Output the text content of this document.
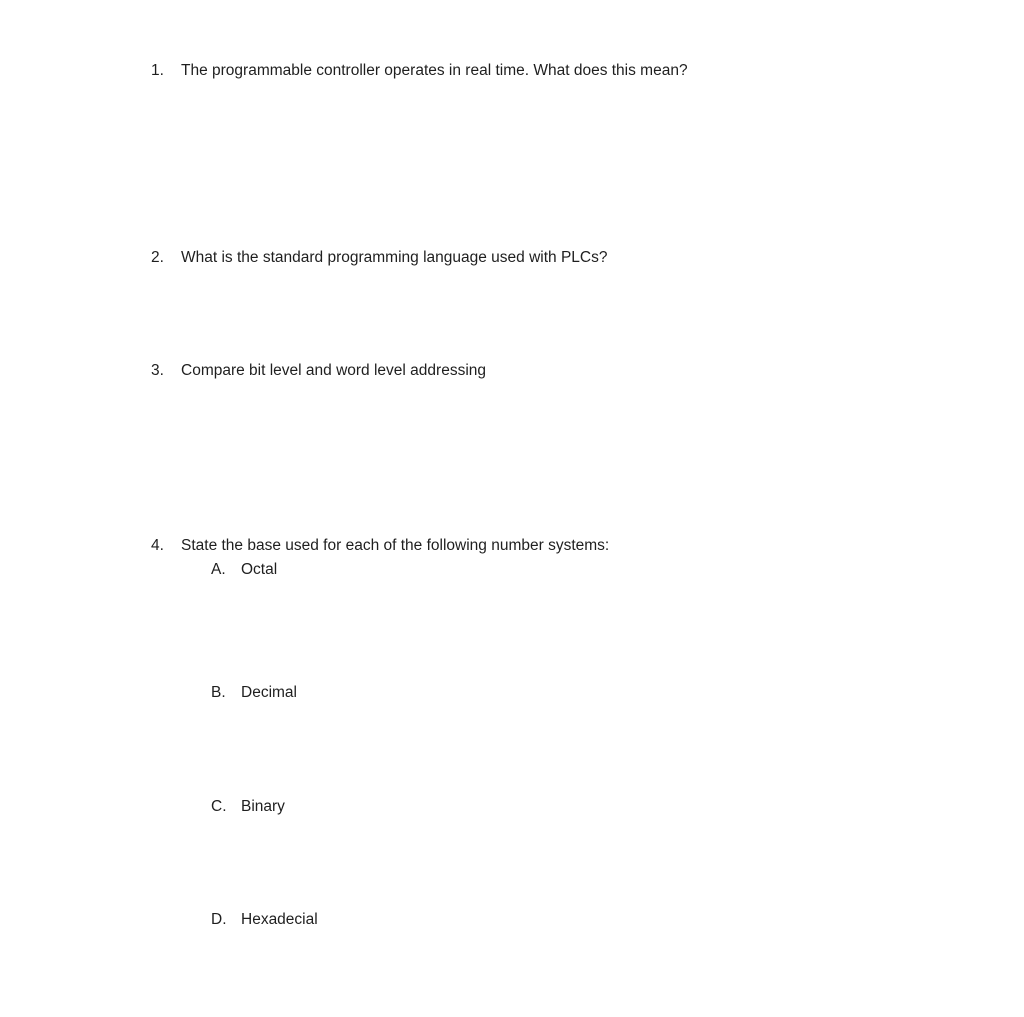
1. The programmable controller operates in real time. What does this mean?
2. What is the standard programming language used with PLCs?
3. Compare bit level and word level addressing
4. State the base used for each of the following number systems:
A. Octal
B. Decimal
C. Binary
D. Hexadecial
